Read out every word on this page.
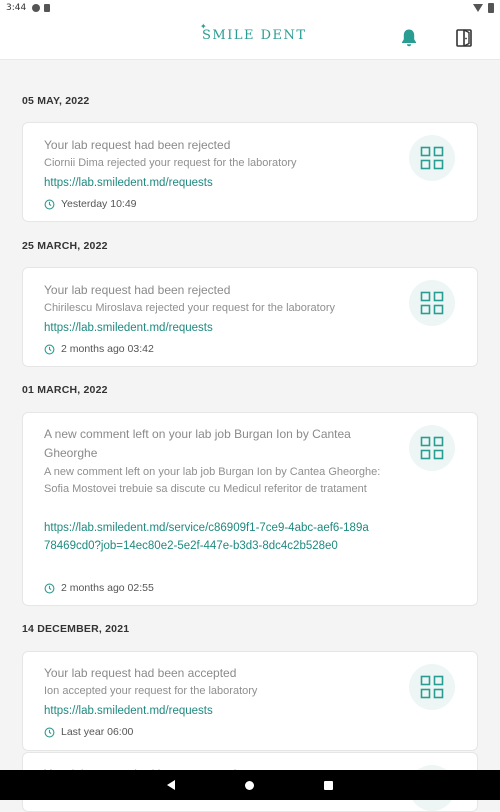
3:44
✦
SMILE DENT
05 MAY, 2022
Your lab request had been rejected
Ciornii Dima rejected your request for the laboratory
https://lab.smiledent.md/requests
Yesterday 10:49
25 MARCH, 2022
Your lab request had been rejected
Chirilescu Miroslava rejected your request for the laboratory
https://lab.smiledent.md/requests
2 months ago 03:42
01 MARCH, 2022
A new comment left on your lab job Burgan Ion by Cantea Gheorghe
A new comment left on your lab job Burgan Ion by Cantea Gheorghe: Sofia Mostovei trebuie sa discute cu Medicul referitor de tratament
https://lab.smiledent.md/service/c86909f1-7ce9-4abc-aef6-189a78469cd0?job=14ec80e2-5e2f-447e-b3d3-8dc4c2b528e0
2 months ago 02:55
14 DECEMBER, 2021
Your lab request had been accepted
Ion accepted your request for the laboratory
https://lab.smiledent.md/requests
Last year 06:00
